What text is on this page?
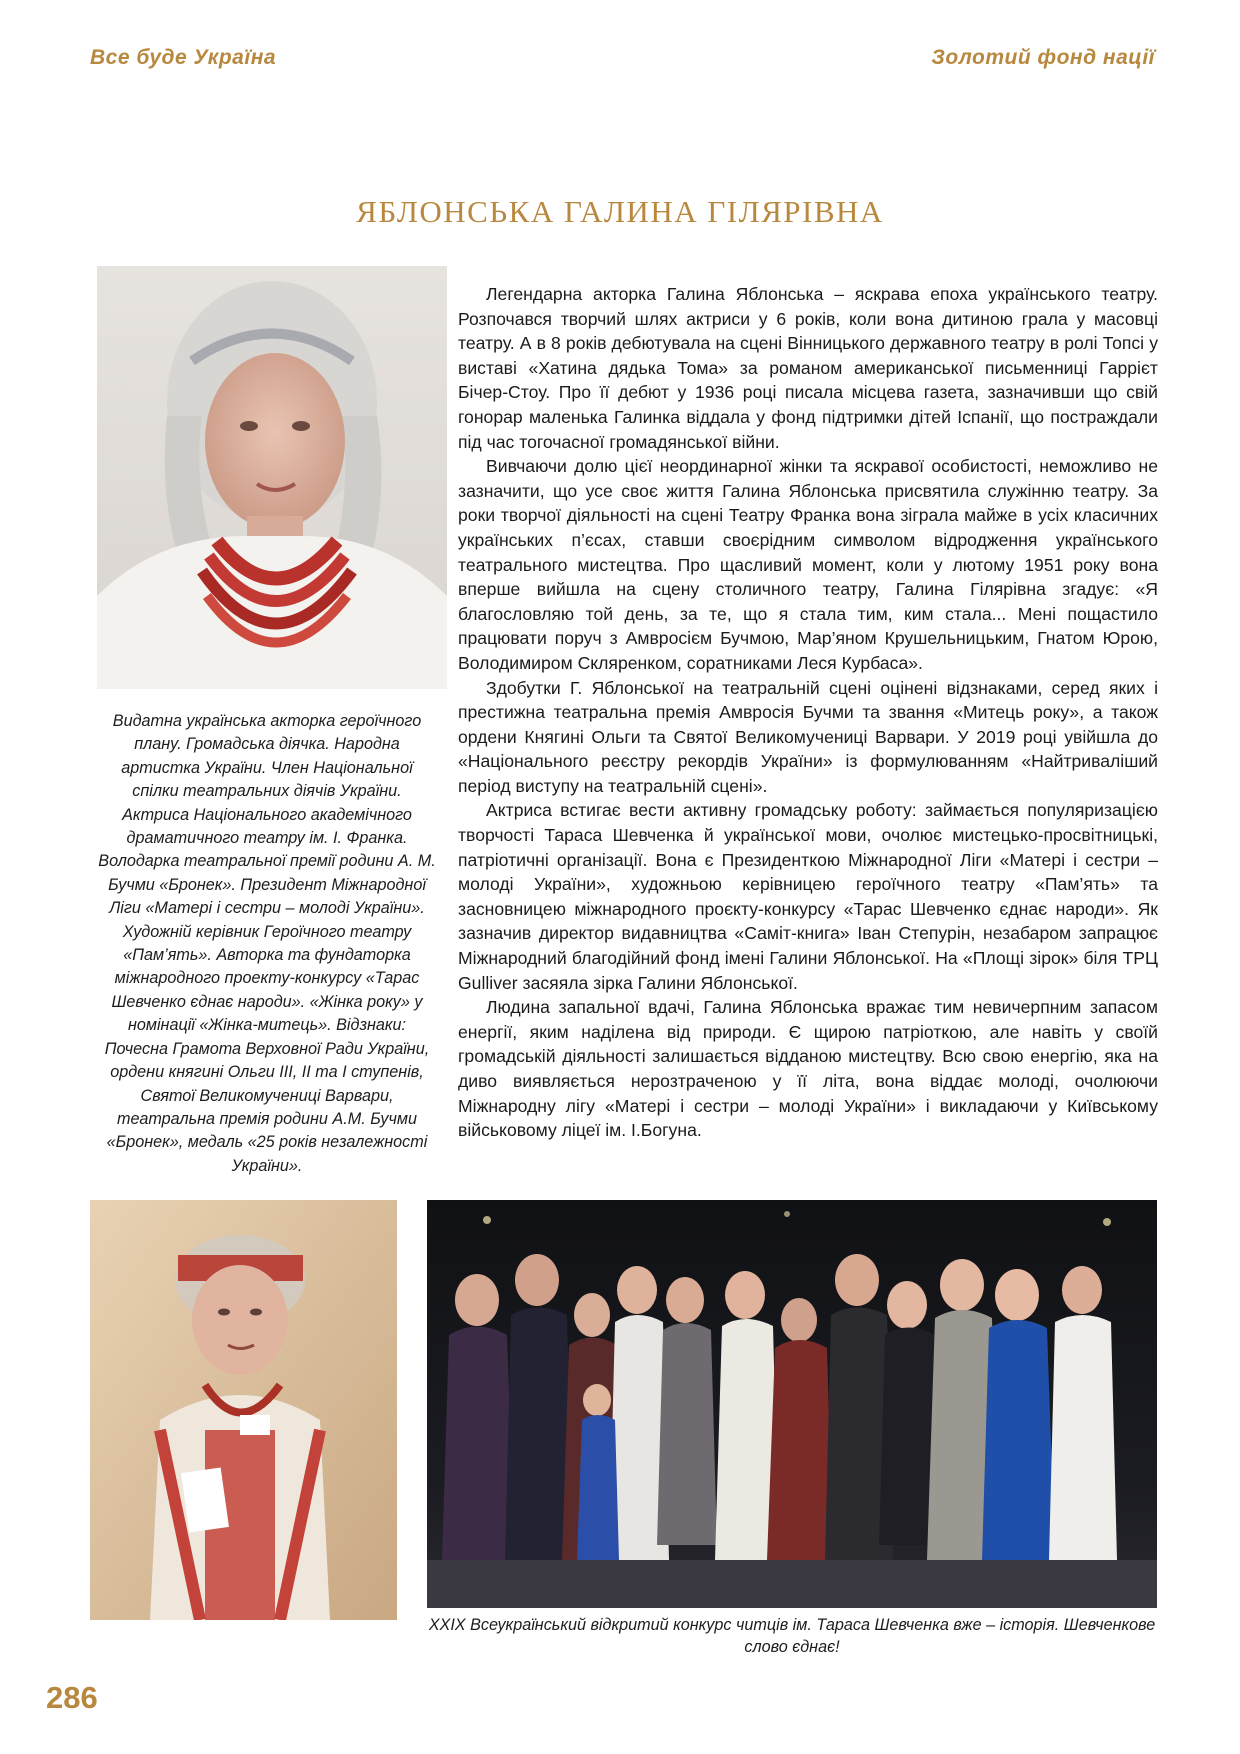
Все буде Україна	Золотий фонд нації
ЯБЛОНСЬКА ГАЛИНА ГІЛЯРІВНА
Видатна українська акторка героїчного плану. Громадська діячка. Народна артистка України. Член Національної спілки театральних діячів України. Актриса Національного академічного драматичного театру ім. І. Франка. Володарка театральної премії родини А. М. Бучми «Бронек». Президент Міжнародної Ліги «Матері і сестри – молоді України». Художній керівник Героїчного театру «Пам’ять». Авторка та фундаторка міжнародного проекту-конкурсу «Тарас Шевченко єднає народи». «Жінка року» у номінації «Жінка-митець». Відзнаки: Почесна Грамота Верховної Ради України, ордени княгині Ольги ІІІ, ІІ та І ступенів, Святої Великомучениці Варвари, театральна премія родини А.М. Бучми «Бронек», медаль «25 років незалежності України».

Легендарна акторка Галина Яблонська – яскрава епоха українського театру. Розпочався творчий шлях актриси у 6 років, коли вона дитиною грала у масовці театру. А в 8 років дебютувала на сцені Вінницького державного театру в ролі Топсі у виставі «Хатина дядька Тома» за романом американської письменниці Гаррієт Бічер-Стоу. Про її дебют у 1936 році писала місцева газета, зазначивши що свій гонорар маленька Галинка віддала у фонд підтримки дітей Іспанії, що постраждали під час тогочасної громадянської війни.

Вивчаючи долю цієї неординарної жінки та яскравої особистості, неможливо не зазначити, що усе своє життя Галина Яблонська присвятила служінню театру. За роки творчої діяльності на сцені Театру Франка вона зіграла майже в усіх класичних українських п’єсах, ставши своєрідним символом відродження українського театрального мистецтва. Про щасливий момент, коли у лютому 1951 року вона вперше вийшла на сцену столичного театру, Галина Гілярівна згадує: «Я благословляю той день, за те, що я стала тим, ким стала... Мені пощастило працювати поруч з Амвросієм Бучмою, Мар’яном Крушельницьким, Гнатом Юрою, Володимиром Скляренком, соратниками Леся Курбаса».

Здобутки Г. Яблонської на театральній сцені оцінені відзнаками, серед яких і престижна театральна премія Амвросія Бучми та звання «Митець року», а також ордени Княгині Ольги та Святої Великомучениці Варвари. У 2019 році увійшла до «Національного реєстру рекордів України» із формулюванням «Найтриваліший період виступу на театральній сцені».

Актриса встигає вести активну громадську роботу: займається популяризацією творчості Тараса Шевченка й української мови, очолює мистецько-просвітницькі, патріотичні організації. Вона є Президенткою Міжнародної Ліги «Матері і сестри – молоді України», художньою керівницею героїчного театру «Пам’ять» та засновницею міжнародного проєкту-конкурсу «Тарас Шевченко єднає народи». Як зазначив директор видавництва «Саміт-книга» Іван Степурін, незабаром запрацює Міжнародний благодійний фонд імені Галини Яблонської. На «Площі зірок» біля ТРЦ Gulliver засяяла зірка Галини Яблонської.

Людина запальної вдачі, Галина Яблонська вражає тим невичерпним запасом енергії, яким наділена від природи. Є щирою патріоткою, але навіть у своїй громадській діяльності залишається відданою мистецтву. Всю свою енергію, яка на диво виявляється нерозтраченою у її літа, вона віддає молоді, очолюючи Міжнародну лігу «Матері і сестри – молоді України» і викладаючи у Київському військовому ліцеї ім. І.Богуна.

XXIX Всеукраїнський відкритий конкурс читців ім. Тараса Шевченка вже – історія. Шевченкове слово єднає!
286
